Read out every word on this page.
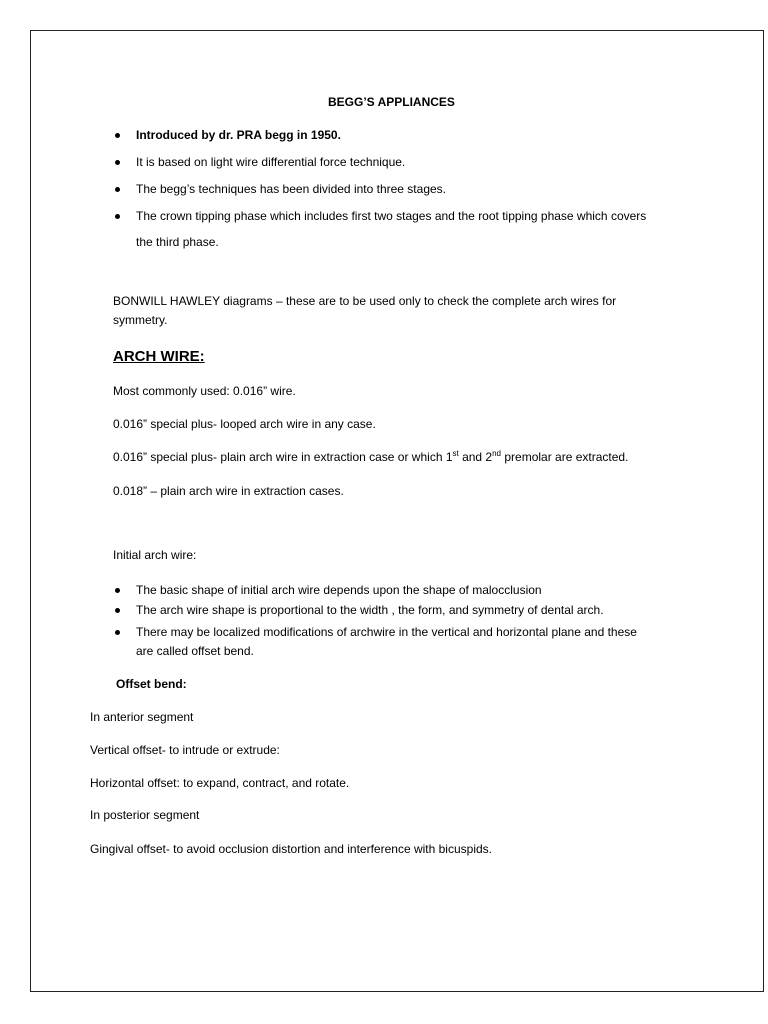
BEGG’S APPLIANCES
Introduced by dr. PRA begg in 1950.
It is based on light wire differential force technique.
The begg’s techniques has been divided into three stages.
The crown tipping phase which includes first two stages and the root tipping phase which covers
the third phase.
BONWILL HAWLEY diagrams – these are to be used only to check the complete arch wires for
symmetry.
ARCH WIRE:
Most commonly used: 0.016” wire.
0.016” special plus- looped arch wire in any case.
0.016” special plus- plain arch wire in extraction case or which 1st and 2nd premolar are extracted.
0.018” – plain arch wire in extraction cases.
Initial arch wire:
The basic shape of initial arch wire depends upon the shape of malocclusion
The arch wire shape is proportional to the width , the form, and symmetry of dental arch.
There may be localized modifications of archwire in the vertical and horizontal plane and these
are called offset bend.
Offset bend:
In anterior segment
Vertical offset- to intrude or extrude:
Horizontal offset: to expand, contract, and rotate.
In posterior segment
Gingival offset- to avoid occlusion distortion and interference with bicuspids.
